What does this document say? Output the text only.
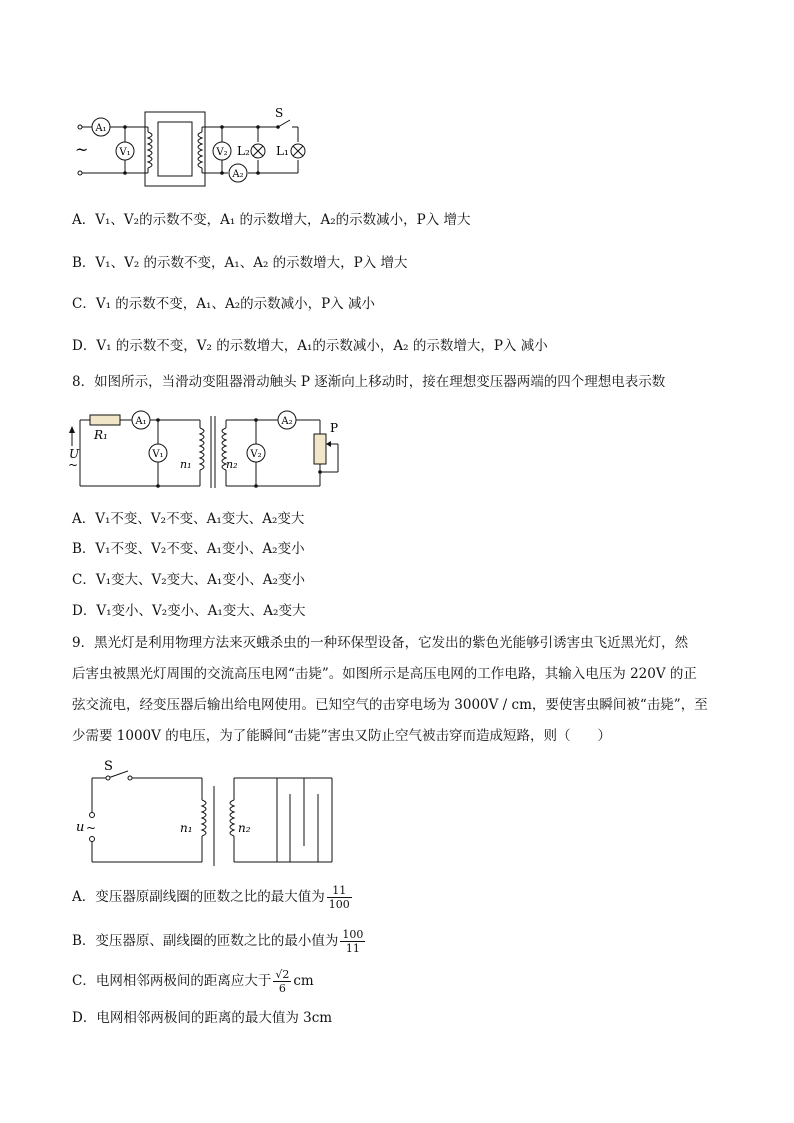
~
A₁
V₁	V₂
A₂
L₂ L₁
S
A．V₁、V₂的示数不变，A₁ 的示数增大，A₂的示数减小，P入 增大
B．V₁、V₂ 的示数不变，A₁、A₂ 的示数增大，P入 增大
C．V₁ 的示数不变，A₁、A₂的示数减小，P入 减小
D．V₁ 的示数不变，V₂ 的示数增大，A₁的示数减小，A₂ 的示数增大，P入 减小
8．如图所示，当滑动变阻器滑动触头 P 逐渐向上移动时，接在理想变压器两端的四个理想电表示数
U
~
R₁
A₁
V₁
A₂
V₂
n₁	n₂
P
A．V₁不变、V₂不变、A₁变大、A₂变大
B．V₁不变、V₂不变、A₁变小、A₂变小
C．V₁变大、V₂变大、A₁变小、A₂变小
D．V₁变小、V₂变小、A₁变大、A₂变大
9．黑光灯是利用物理方法来灭蛾杀虫的一种环保型设备，它发出的紫色光能够引诱害虫飞近黑光灯，然
后害虫被黑光灯周围的交流高压电网“击毙”。如图所示是高压电网的工作电路，其输入电压为 220V 的正
弦交流电，经变压器后输出给电网使用。已知空气的击穿电场为 3000V / cm，要使害虫瞬间被“击毙”，至
少需要 1000V 的电压，为了能瞬间“击毙”害虫又防止空气被击穿而造成短路，则（　　）
S
u ~	n₁	n₂
A．变压器原副线圈的匝数之比的最大值为 $\frac{11}{100}$
B．变压器原、副线圈的匝数之比的最小值为 $\frac{100}{11}$
C．电网相邻两极间的距离应大于 $\frac{√2}{6}$ cm
D．电网相邻两极间的距离的最大值为 3cm
